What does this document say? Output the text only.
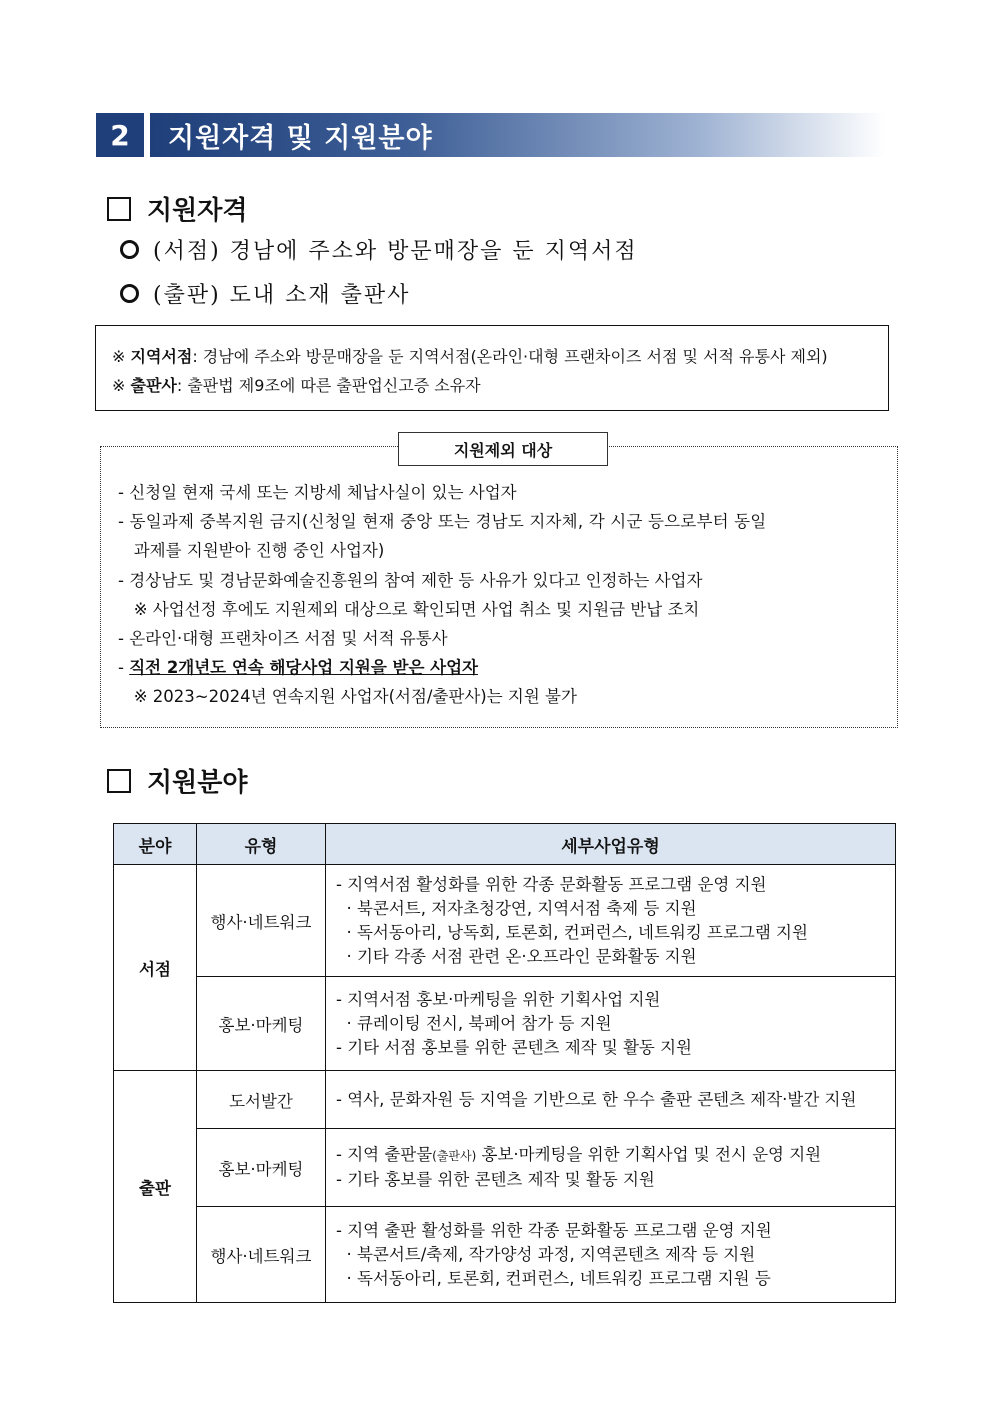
2	지원자격 및 지원분야
지원자격
(서점) 경남에 주소와 방문매장을 둔 지역서점
(출판) 도내 소재 출판사
※ 지역서점: 경남에 주소와 방문매장을 둔 지역서점(온라인·대형 프랜차이즈 서점 및 서적 유통사 제외)
※ 출판사: 출판법 제9조에 따른 출판업신고증 소유자
지원제외 대상
- 신청일 현재 국세 또는 지방세 체납사실이 있는 사업자
- 동일과제 중복지원 금지(신청일 현재 중앙 또는 경남도 지자체, 각 시군 등으로부터 동일
과제를 지원받아 진행 중인 사업자)
- 경상남도 및 경남문화예술진흥원의 참여 제한 등 사유가 있다고 인정하는 사업자
※ 사업선정 후에도 지원제외 대상으로 확인되면 사업 취소 및 지원금 반납 조치
- 온라인·대형 프랜차이즈 서점 및 서적 유통사
- 직전 2개년도 연속 해당사업 지원을 받은 사업자
※ 2023~2024년 연속지원 사업자(서점/출판사)는 지원 불가
지원분야
분야	유형	세부사업유형
서점	행사·네트워크	- 지역서점 활성화를 위한 각종 문화활동 프로그램 운영 지원
· 북콘서트, 저자초청강연, 지역서점 축제 등 지원
· 독서동아리, 낭독회, 토론회, 컨퍼런스, 네트워킹 프로그램 지원
· 기타 각종 서점 관련 온·오프라인 문화활동 지원

	홍보·마케팅	- 지역서점 홍보·마케팅을 위한 기획사업 지원
· 큐레이팅 전시, 북페어 참가 등 지원
- 기타 서점 홍보를 위한 콘텐츠 제작 및 활동 지원

출판	도서발간	- 역사, 문화자원 등 지역을 기반으로 한 우수 출판 콘텐츠 제작·발간 지원

	홍보·마케팅	- 지역 출판물(출판사) 홍보·마케팅을 위한 기획사업 및 전시 운영 지원
- 기타 홍보를 위한 콘텐츠 제작 및 활동 지원

	행사·네트워크	- 지역 출판 활성화를 위한 각종 문화활동 프로그램 운영 지원
· 북콘서트/축제, 작가양성 과정, 지역콘텐츠 제작 등 지원
· 독서동아리, 토론회, 컨퍼런스, 네트워킹 프로그램 지원 등
